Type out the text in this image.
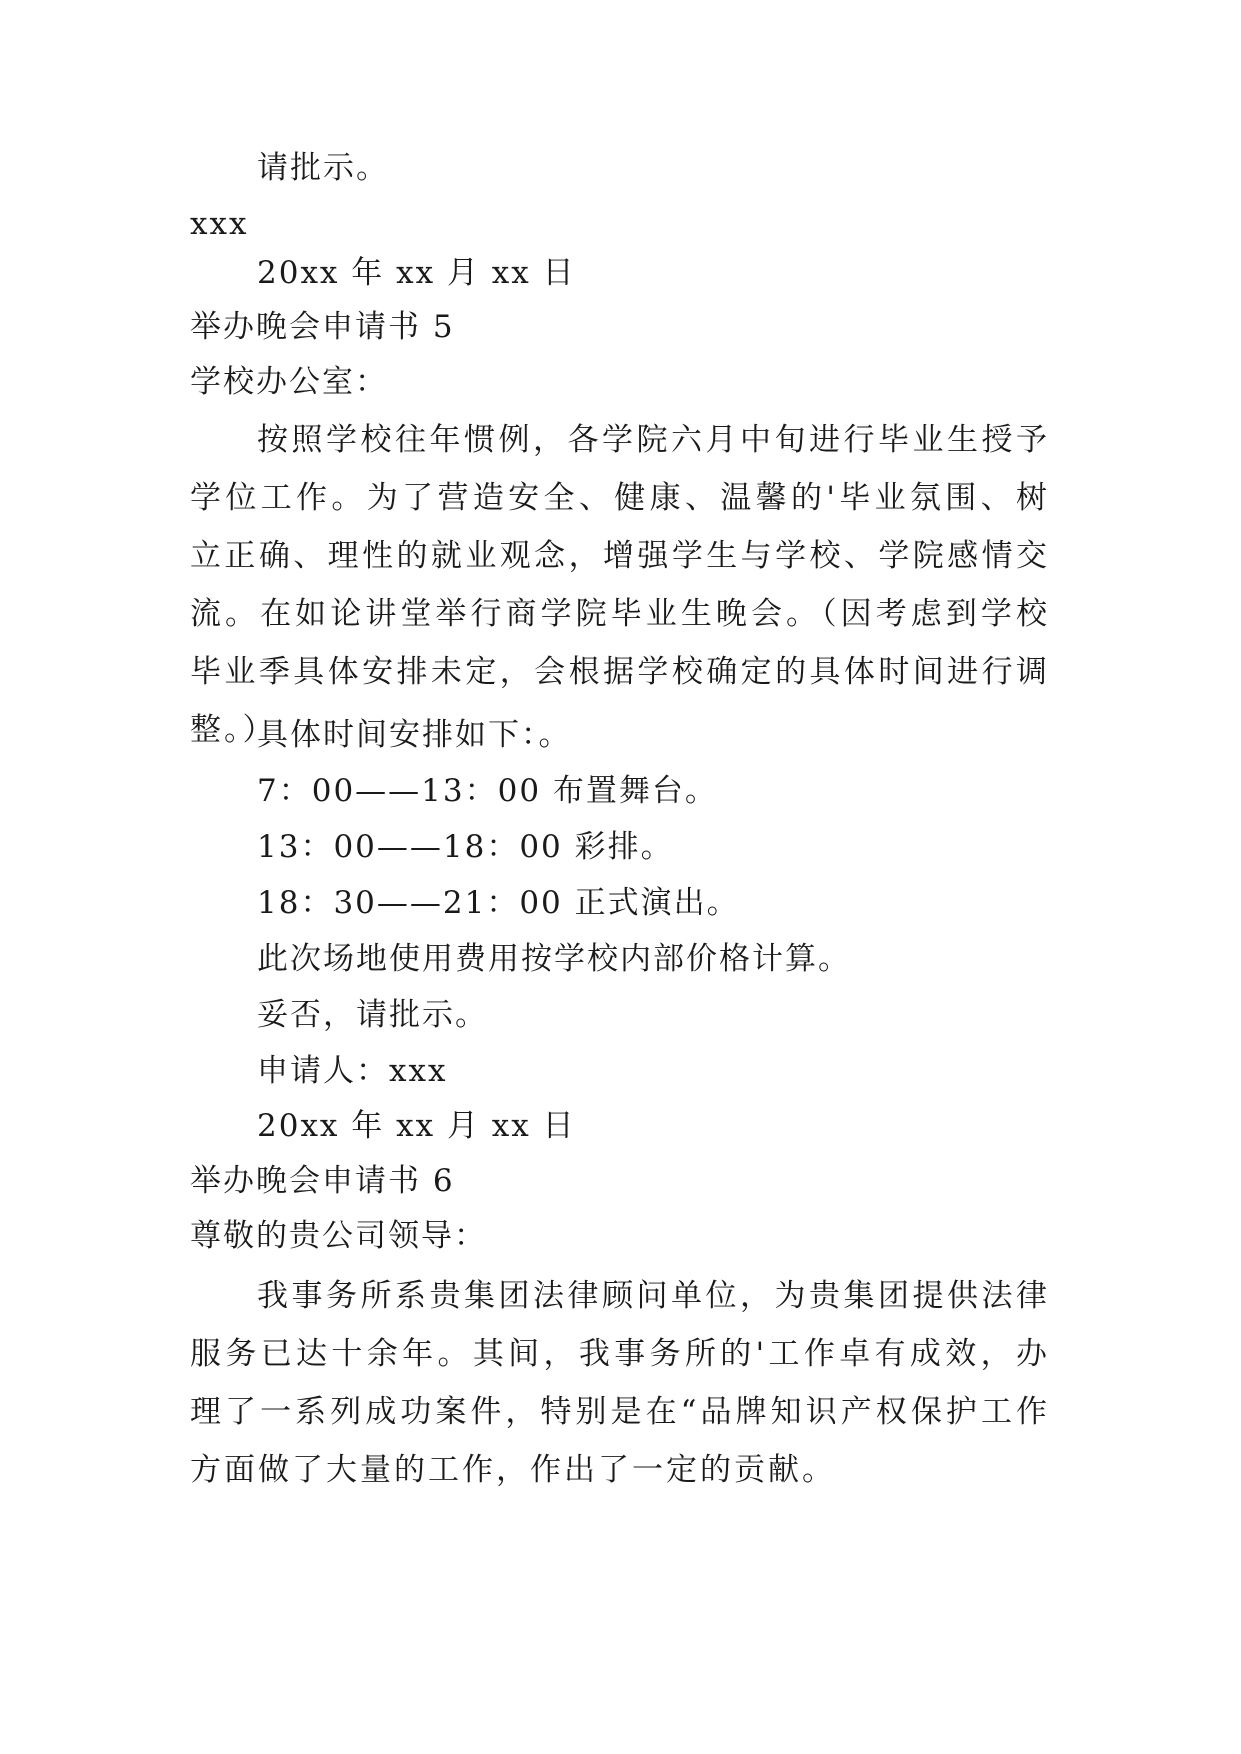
请批示。
xxx
20xx 年 xx 月 xx 日
举办晚会申请书 5
学校办公室：
按照学校往年惯例，各学院六月中旬进行毕业生授予学位工作。为了营造安全、健康、温馨的'毕业氛围、树立正确、理性的就业观念，增强学生与学校、学院感情交流。在如论讲堂举行商学院毕业生晚会。（因考虑到学校毕业季具体安排未定，会根据学校确定的具体时间进行调整。）
具体时间安排如下：。
7：00——13：00 布置舞台。
13：00——18：00 彩排。
18：30——21：00 正式演出。
此次场地使用费用按学校内部价格计算。
妥否，请批示。
申请人：xxx
20xx 年 xx 月 xx 日
举办晚会申请书 6
尊敬的贵公司领导：
我事务所系贵集团法律顾问单位，为贵集团提供法律服务已达十余年。其间，我事务所的'工作卓有成效，办理了一系列成功案件，特别是在“品牌知识产权保护工作方面做了大量的工作，作出了一定的贡献。
